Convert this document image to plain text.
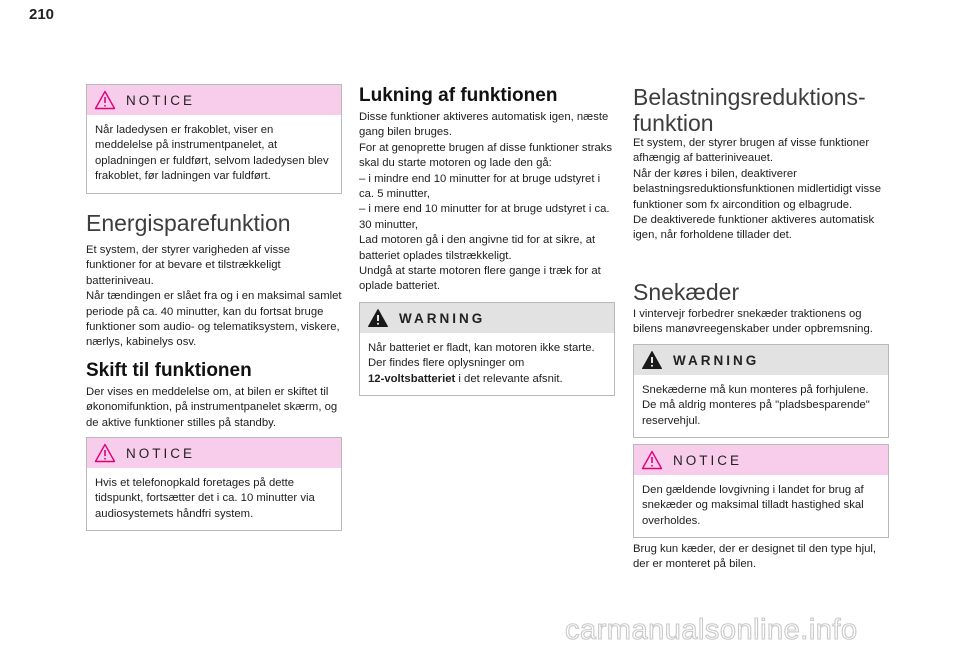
210
NOTICE
Når ladedysen er frakoblet, viser en meddelelse på instrumentpanelet, at opladningen er fuldført, selvom ladedysen blev frakoblet, før ladningen var fuldført.
Energisparefunktion
Et system, der styrer varigheden af visse funktioner for at bevare et tilstrækkeligt batteriniveau.
Når tændingen er slået fra og i en maksimal samlet periode på ca. 40 minutter, kan du fortsat bruge funktioner som audio- og telematiksystem, viskere, nærlys, kabinelys osv.
Skift til funktionen
Der vises en meddelelse om, at bilen er skiftet til økonomifunktion, på instrumentpanelet skærm, og de aktive funktioner stilles på standby.
NOTICE
Hvis et telefonopkald foretages på dette tidspunkt, fortsætter det i ca. 10 minutter via audiosystemets håndfri system.
Lukning af funktionen
Disse funktioner aktiveres automatisk igen, næste gang bilen bruges.
For at genoprette brugen af disse funktioner straks skal du starte motoren og lade den gå:
– i mindre end 10 minutter for at bruge udstyret i ca. 5 minutter,
– i mere end 10 minutter for at bruge udstyret i ca. 30 minutter,
Lad motoren gå i den angivne tid for at sikre, at batteriet oplades tilstrækkeligt.
Undgå at starte motoren flere gange i træk for at oplade batteriet.
WARNING
Når batteriet er fladt, kan motoren ikke starte. Der findes flere oplysninger om
12-voltsbatteriet i det relevante afsnit.
Belastningsreduktions-
funktion
Et system, der styrer brugen af visse funktioner afhængig af batteriniveauet.
Når der køres i bilen, deaktiverer belastningsreduktionsfunktionen midlertidigt visse funktioner som fx aircondition og elbagrude.
De deaktiverede funktioner aktiveres automatisk igen, når forholdene tillader det.
Snekæder
I vintervejr forbedrer snekæder traktionens og bilens manøvreegenskaber under opbremsning.
WARNING
Snekæderne må kun monteres på forhjulene. De må aldrig monteres på "pladsbesparende" reservehjul.
NOTICE
Den gældende lovgivning i landet for brug af snekæder og maksimal tilladt hastighed skal overholdes.
Brug kun kæder, der er designet til den type hjul, der er monteret på bilen.
carmanualsonline.info
